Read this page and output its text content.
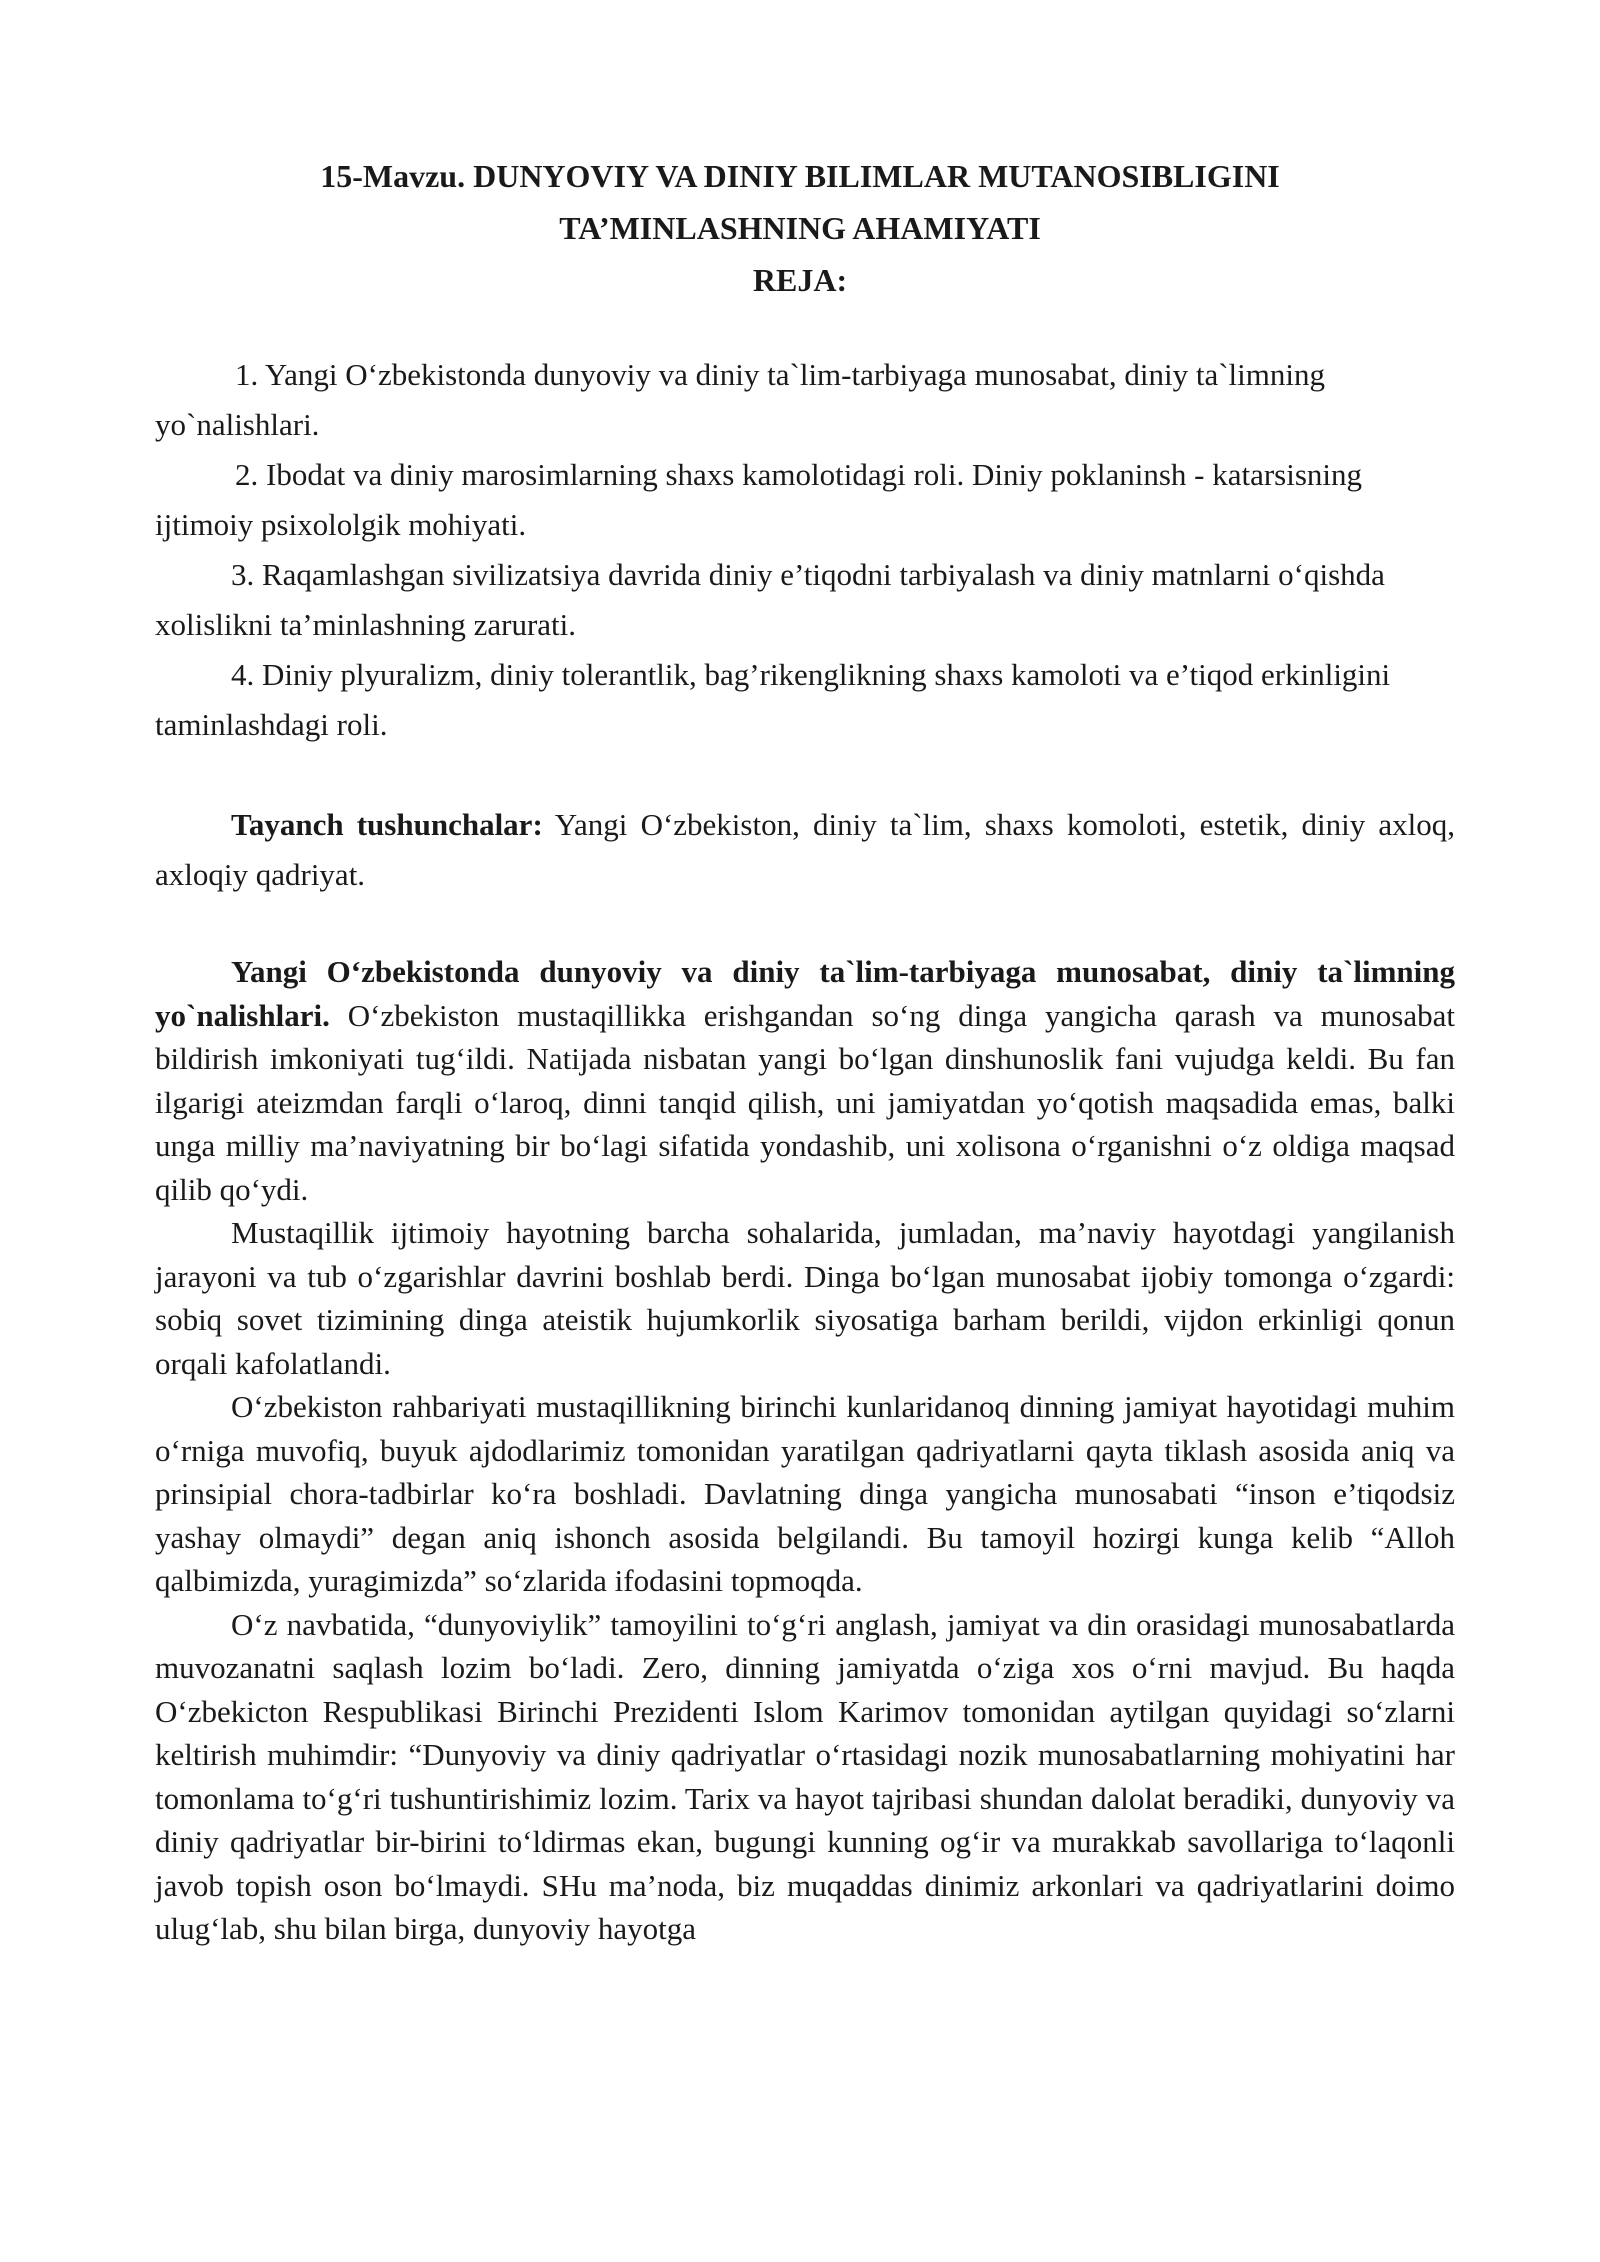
15-Mavzu. DUNYOVIY VA DINIY BILIMLAR MUTANOSIBLIGINI
TA’MINLASHNING AHAMIYATI
REJA:

1. Yangi O‘zbekistonda dunyoviy va diniy ta`lim-tarbiyaga munosabat, diniy ta`limning yo`nalishlari.

2. Ibodat va diniy marosimlarning shaxs kamolotidagi roli. Diniy poklaninsh - katarsisning ijtimoiy psixololgik mohiyati.

3. Raqamlashgan sivilizatsiya davrida diniy e’tiqodni tarbiyalash va diniy matnlarni o‘qishda xolislikni ta’minlashning zarurati.

4. Diniy plyuralizm, diniy tolerantlik, bag’rikenglikning shaxs kamoloti va e’tiqod erkinligini taminlashdagi roli.

Tayanch tushunchalar: Yangi O‘zbekiston, diniy ta`lim, shaxs komoloti, estetik, diniy axloq, axloqiy qadriyat.

Yangi O‘zbekistonda dunyoviy va diniy ta`lim-tarbiyaga munosabat, diniy ta`limning yo`nalishlari. O‘zbekiston mustaqillikka erishgandan so‘ng dinga yangicha qarash va munosabat bildirish imkoniyati tug‘ildi. Natijada nisbatan yangi bo‘lgan dinshunoslik fani vujudga keldi. Bu fan ilgarigi ateizmdan farqli o‘laroq, dinni tanqid qilish, uni jamiyatdan yo‘qotish maqsadida emas, balki unga milliy ma’naviyatning bir bo‘lagi sifatida yondashib, uni xolisona o‘rganishni o‘z oldiga maqsad qilib qo‘ydi.

Mustaqillik ijtimoiy hayotning barcha sohalarida, jumladan, ma’naviy hayotdagi yangilanish jarayoni va tub o‘zgarishlar davrini boshlab berdi. Dinga bo‘lgan munosabat ijobiy tomonga o‘zgardi: sobiq sovet tizimining dinga ateistik hujumkorlik siyosatiga barham berildi, vijdon erkinligi qonun orqali kafolatlandi.

O‘zbekiston rahbariyati mustaqillikning birinchi kunlaridanoq dinning jamiyat hayotidagi muhim o‘rniga muvofiq, buyuk ajdodlarimiz tomonidan yaratilgan qadriyatlarni qayta tiklash asosida aniq va prinsipial chora-tadbirlar ko‘ra boshladi. Davlatning dinga yangicha munosabati “inson e’tiqodsiz yashay olmaydi” degan aniq ishonch asosida belgilandi. Bu tamoyil hozirgi kunga kelib “Alloh qalbimizda, yuragimizda” so‘zlarida ifodasini topmoqda.

O‘z navbatida, “dunyoviylik” tamoyilini to‘g‘ri anglash, jamiyat va din orasidagi munosabatlarda muvozanatni saqlash lozim bo‘ladi. Zero, dinning jamiyatda o‘ziga xos o‘rni mavjud. Bu haqda O‘zbekicton Respublikasi Birinchi Prezidenti Islom Karimov tomonidan aytilgan quyidagi so‘zlarni keltirish muhimdir: “Dunyoviy va diniy qadriyatlar o‘rtasidagi nozik munosabatlarning mohiyatini har tomonlama to‘g‘ri tushuntirishimiz lozim. Tarix va hayot tajribasi shundan dalolat beradiki, dunyoviy va diniy qadriyatlar bir-birini to‘ldirmas ekan, bugungi kunning og‘ir va murakkab savollariga to‘laqonli javob topish oson bo‘lmaydi. SHu ma’noda, biz muqaddas dinimiz arkonlari va qadriyatlarini doimo ulug‘lab, shu bilan birga, dunyoviy hayotga
